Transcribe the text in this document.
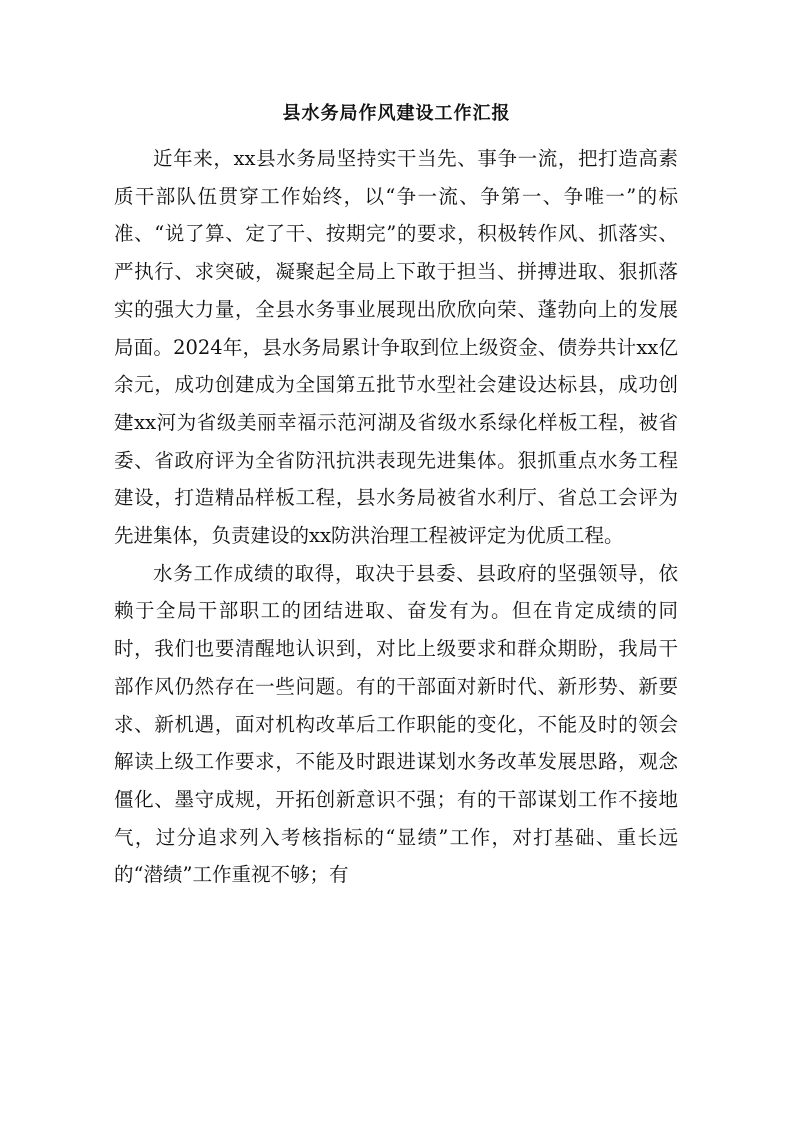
县水务局作风建设工作汇报

近年来，xx县水务局坚持实干当先、事争一流，把打造高素质干部队伍贯穿工作始终，以“争一流、争第一、争唯一”的标准、“说了算、定了干、按期完”的要求，积极转作风、抓落实、严执行、求突破，凝聚起全局上下敢于担当、拼搏进取、狠抓落实的强大力量，全县水务事业展现出欣欣向荣、蓬勃向上的发展局面。2024年，县水务局累计争取到位上级资金、债券共计xx亿余元，成功创建成为全国第五批节水型社会建设达标县，成功创建xx河为省级美丽幸福示范河湖及省级水系绿化样板工程，被省委、省政府评为全省防汛抗洪表现先进集体。狠抓重点水务工程建设，打造精品样板工程，县水务局被省水利厅、省总工会评为先进集体，负责建设的xx防洪治理工程被评定为优质工程。

水务工作成绩的取得，取决于县委、县政府的坚强领导，依赖于全局干部职工的团结进取、奋发有为。但在肯定成绩的同时，我们也要清醒地认识到，对比上级要求和群众期盼，我局干部作风仍然存在一些问题。有的干部面对新时代、新形势、新要求、新机遇，面对机构改革后工作职能的变化，不能及时的领会解读上级工作要求，不能及时跟进谋划水务改革发展思路，观念僵化、墨守成规，开拓创新意识不强；有的干部谋划工作不接地气，过分追求列入考核指标的“显绩”工作，对打基础、重长远的“潜绩”工作重视不够；有
